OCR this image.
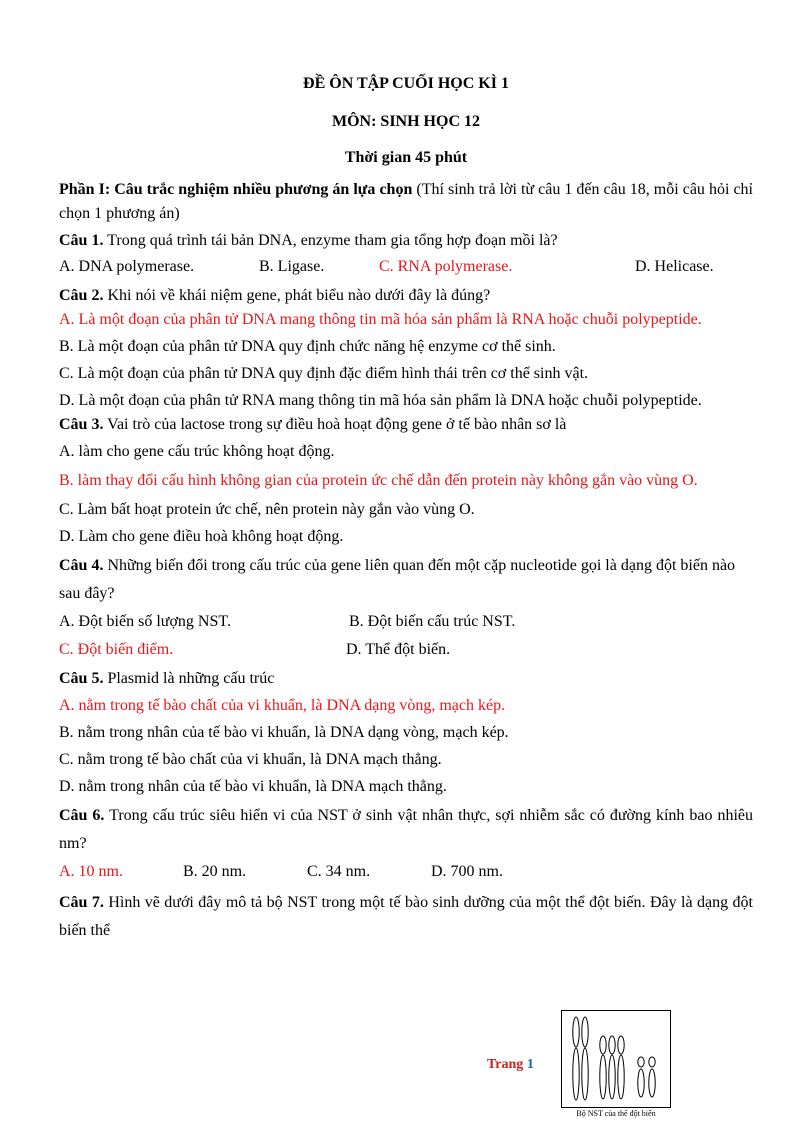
ĐỀ ÔN TẬP CUỐI HỌC KÌ 1

MÔN: SINH HỌC 12

Thời gian 45 phút

Phần I: Câu trắc nghiệm nhiều phương án lựa chọn (Thí sinh trả lời từ câu 1 đến câu 18, mỗi câu hỏi chỉ chọn 1 phương án)

Câu 1. Trong quá trình tái bản DNA, enzyme tham gia tổng hợp đoạn mồi là?

A. DNA polymerase.	B. Ligase.	C. RNA polymerase.	D. Helicase.

Câu 2. Khi nói về khái niệm gene, phát biểu nào dưới đây là đúng?

A. Là một đoạn của phân tử DNA mang thông tin mã hóa sản phẩm là RNA hoặc chuỗi polypeptide.

B. Là một đoạn của phân tử DNA quy định chức năng hệ enzyme cơ thể sinh.

C. Là một đoạn của phân tử DNA quy định đặc điểm hình thái trên cơ thể sinh vật.

D. Là một đoạn của phân tử RNA mang thông tin mã hóa sản phẩm là DNA hoặc chuỗi polypeptide.

Câu 3. Vai trò của lactose trong sự điều hoà hoạt động gene ở tế bào nhân sơ là

A. làm cho gene cấu trúc không hoạt động.

B. làm thay đổi cấu hình không gian của protein ức chế dẫn đến protein này không gắn vào vùng O.

C. Làm bất hoạt protein ức chế, nên protein này gắn vào vùng O.

D. Làm cho gene điều hoà không hoạt động.

Câu 4. Những biến đổi trong cấu trúc của gene liên quan đến một cặp nucleotide gọi là dạng đột biến nào sau đây?

A. Đột biến số lượng NST.	B. Đột biến cấu trúc NST.
C. Đột biến điểm.	D. Thể đột biến.

Câu 5. Plasmid là những cấu trúc

A. nằm trong tế bào chất của vi khuẩn, là DNA dạng vòng, mạch kép.

B. nằm trong nhân của tế bào vi khuẩn, là DNA dạng vòng, mạch kép.

C. nằm trong tế bào chất của vi khuẩn, là DNA mạch thẳng.

D. nằm trong nhân của tế bào vi khuẩn, là DNA mạch thẳng.

Câu 6. Trong cấu trúc siêu hiển vi của NST ở sinh vật nhân thực, sợi nhiễm sắc có đường kính bao nhiêu nm?

A. 10 nm.	B. 20 nm.	C. 34 nm.	D. 700 nm.

Câu 7. Hình vẽ dưới đây mô tả bộ NST trong một tế bào sinh dưỡng của một thể đột biến. Đây là dạng đột biến thể

Bộ NST của thể đột biến
Trang 1
